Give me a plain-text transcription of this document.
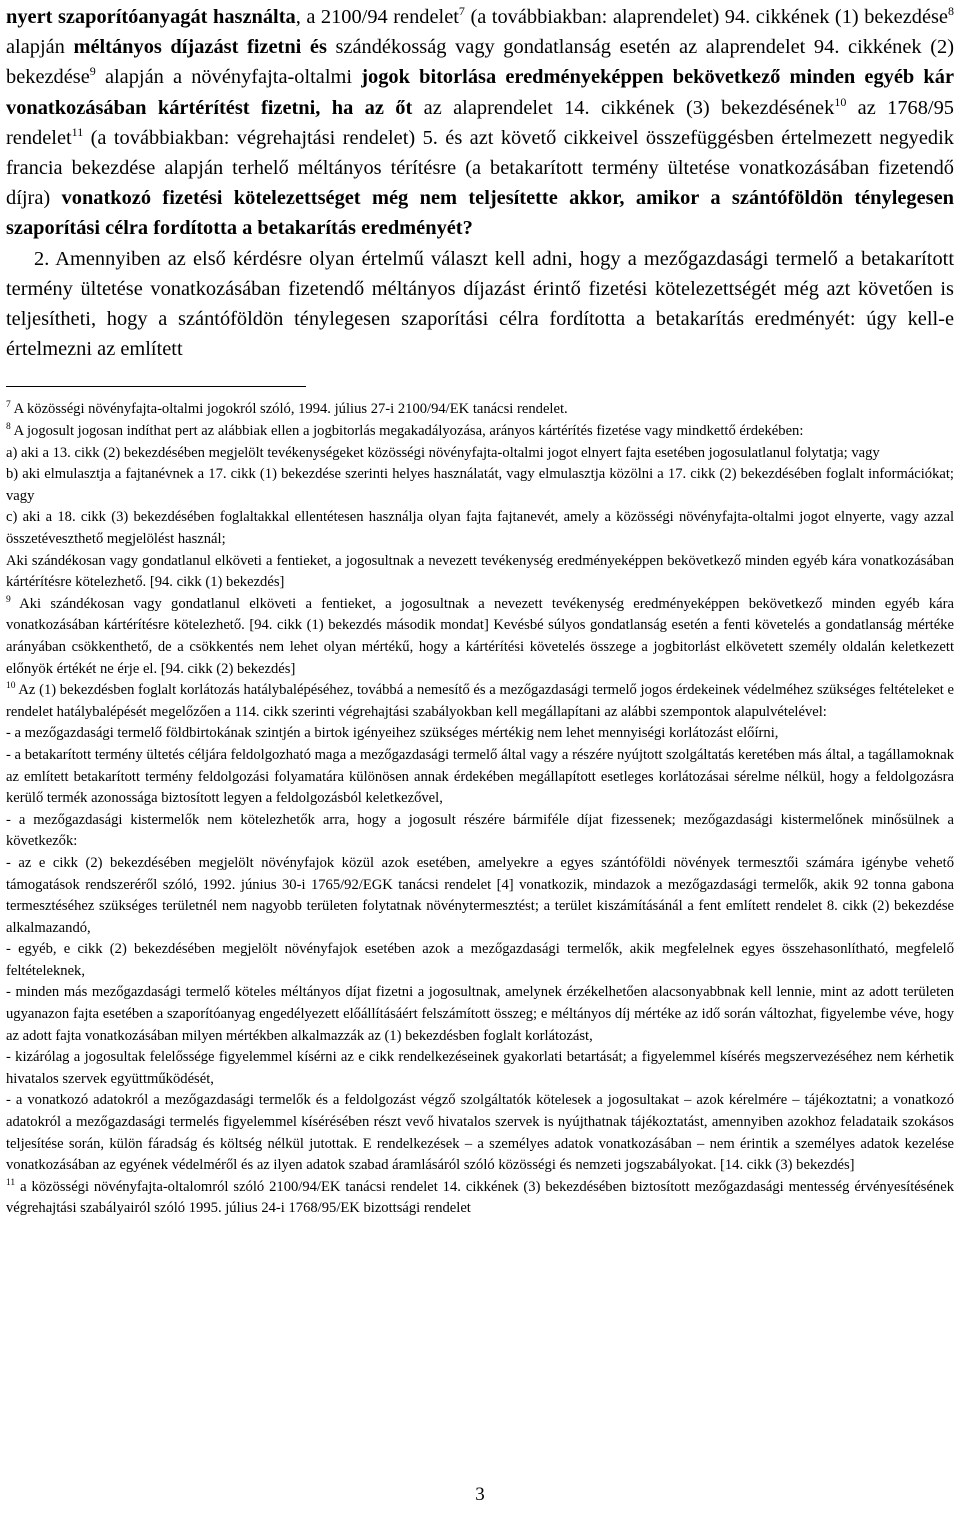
nyert szaporítóanyagát használta, a 2100/94 rendelet$^7$ (a továbbiakban: alaprendelet) 94. cikkének (1) bekezdése$^8$ alapján méltányos díjazást fizetni és szándékosság vagy gondatlanság esetén az alaprendelet 94. cikkének (2) bekezdése$^9$ alapján a növényfajta-oltalmi jogok bitorlása eredményeképpen bekövetkező minden egyéb kár vonatkozásában kártérítést fizetni, ha az őt az alaprendelet 14. cikkének (3) bekezdésének$^{10}$ az 1768/95 rendelet$^{11}$ (a továbbiakban: végrehajtási rendelet) 5. és azt követő cikkeivel összefüggésben értelmezett negyedik francia bekezdése alapján terhelő méltányos térítésre (a betakarított termény ültetése vonatkozásában fizetendő díjra) vonatkozó fizetési kötelezettséget még nem teljesítette akkor, amikor a szántóföldön ténylegesen szaporítási célra fordította a betakarítás eredményét?

2. Amennyiben az első kérdésre olyan értelmű választ kell adni, hogy a mezőgazdasági termelő a betakarított termény ültetése vonatkozásában fizetendő méltányos díjazást érintő fizetési kötelezettségét még azt követően is teljesítheti, hogy a szántóföldön ténylegesen szaporítási célra fordította a betakarítás eredményét: úgy kell-e értelmezni az említett

$^7$ A közösségi növényfajta-oltalmi jogokról szóló, 1994. július 27-i 2100/94/EK tanácsi rendelet.

$^8$ A jogosult jogosan indíthat pert az alábbiak ellen a jogbitorlás megakadályozása, arányos kártérítés fizetése vagy mindkettő érdekében:

a) aki a 13. cikk (2) bekezdésében megjelölt tevékenységeket közösségi növényfajta-oltalmi jogot elnyert fajta esetében jogosulatlanul folytatja; vagy

b) aki elmulasztja a fajtanévnek a 17. cikk (1) bekezdése szerinti helyes használatát, vagy elmulasztja közölni a 17. cikk (2) bekezdésében foglalt információkat; vagy

c) aki a 18. cikk (3) bekezdésében foglaltakkal ellentétesen használja olyan fajta fajtanevét, amely a közösségi növényfajta-oltalmi jogot elnyerte, vagy azzal összetéveszthető megjelölést használ;

Aki szándékosan vagy gondatlanul elköveti a fentieket, a jogosultnak a nevezett tevékenység eredményeképpen bekövetkező minden egyéb kára vonatkozásában kártérítésre kötelezhető. [94. cikk (1) bekezdés]

$^9$ Aki szándékosan vagy gondatlanul elköveti a fentieket, a jogosultnak a nevezett tevékenység eredményeképpen bekövetkező minden egyéb kára vonatkozásában kártérítésre kötelezhető. [94. cikk (1) bekezdés második mondat] Kevésbé súlyos gondatlanság esetén a fenti követelés a gondatlanság mértéke arányában csökkenthető, de a csökkentés nem lehet olyan mértékű, hogy a kártérítési követelés összege a jogbitorlást elkövetett személy oldalán keletkezett előnyök értékét ne érje el. [94. cikk (2) bekezdés]

$^{10}$ Az (1) bekezdésben foglalt korlátozás hatálybalépéséhez, továbbá a nemesítő és a mezőgazdasági termelő jogos érdekeinek védelméhez szükséges feltételeket e rendelet hatálybalépését megelőzően a 114. cikk szerinti végrehajtási szabályokban kell megállapítani az alábbi szempontok alapulvételével:

- a mezőgazdasági termelő földbirtokának szintjén a birtok igényeihez szükséges mértékig nem lehet mennyiségi korlátozást előírni,

- a betakarított termény ültetés céljára feldolgozható maga a mezőgazdasági termelő által vagy a részére nyújtott szolgáltatás keretében más által, a tagállamoknak az említett betakarított termény feldolgozási folyamatára különösen annak érdekében megállapított esetleges korlátozásai sérelme nélkül, hogy a feldolgozásra kerülő termék azonossága biztosított legyen a feldolgozásból keletkezővel,

- a mezőgazdasági kistermelők nem kötelezhetők arra, hogy a jogosult részére bármiféle díjat fizessenek; mezőgazdasági kistermelőnek minősülnek a következők:

- az e cikk (2) bekezdésében megjelölt növényfajok közül azok esetében, amelyekre a egyes szántóföldi növények termesztői számára igénybe vehető támogatások rendszeréről szóló, 1992. június 30-i 1765/92/EGK tanácsi rendelet [4] vonatkozik, mindazok a mezőgazdasági termelők, akik 92 tonna gabona termesztéséhez szükséges területnél nem nagyobb területen folytatnak növénytermesztést; a terület kiszámításánál a fent említett rendelet 8. cikk (2) bekezdése alkalmazandó,

- egyéb, e cikk (2) bekezdésében megjelölt növényfajok esetében azok a mezőgazdasági termelők, akik megfelelnek egyes összehasonlítható, megfelelő feltételeknek,

- minden más mezőgazdasági termelő köteles méltányos díjat fizetni a jogosultnak, amelynek érzékelhetően alacsonyabbnak kell lennie, mint az adott területen ugyanazon fajta esetében a szaporítóanyag engedélyezett előállításáért felszámított összeg; e méltányos díj mértéke az idő során változhat, figyelembe véve, hogy az adott fajta vonatkozásában milyen mértékben alkalmazzák az (1) bekezdésben foglalt korlátozást,

- kizárólag a jogosultak felelőssége figyelemmel kísérni az e cikk rendelkezéseinek gyakorlati betartását; a figyelemmel kísérés megszervezéséhez nem kérhetik hivatalos szervek együttműködését,

- a vonatkozó adatokról a mezőgazdasági termelők és a feldolgozást végző szolgáltatók kötelesek a jogosultakat – azok kérelmére – tájékoztatni; a vonatkozó adatokról a mezőgazdasági termelés figyelemmel kísérésében részt vevő hivatalos szervek is nyújthatnak tájékoztatást, amennyiben azokhoz feladataik szokásos teljesítése során, külön fáradság és költség nélkül jutottak. E rendelkezések – a személyes adatok vonatkozásában – nem érintik a személyes adatok kezelése vonatkozásában az egyének védelméről és az ilyen adatok szabad áramlásáról szóló közösségi és nemzeti jogszabályokat. [14. cikk (3) bekezdés]

$^{11}$ a közösségi növényfajta-oltalomról szóló 2100/94/EK tanácsi rendelet 14. cikkének (3) bekezdésében biztosított mezőgazdasági mentesség érvényesítésének végrehajtási szabályairól szóló 1995. július 24-i 1768/95/EK bizottsági rendelet

3
